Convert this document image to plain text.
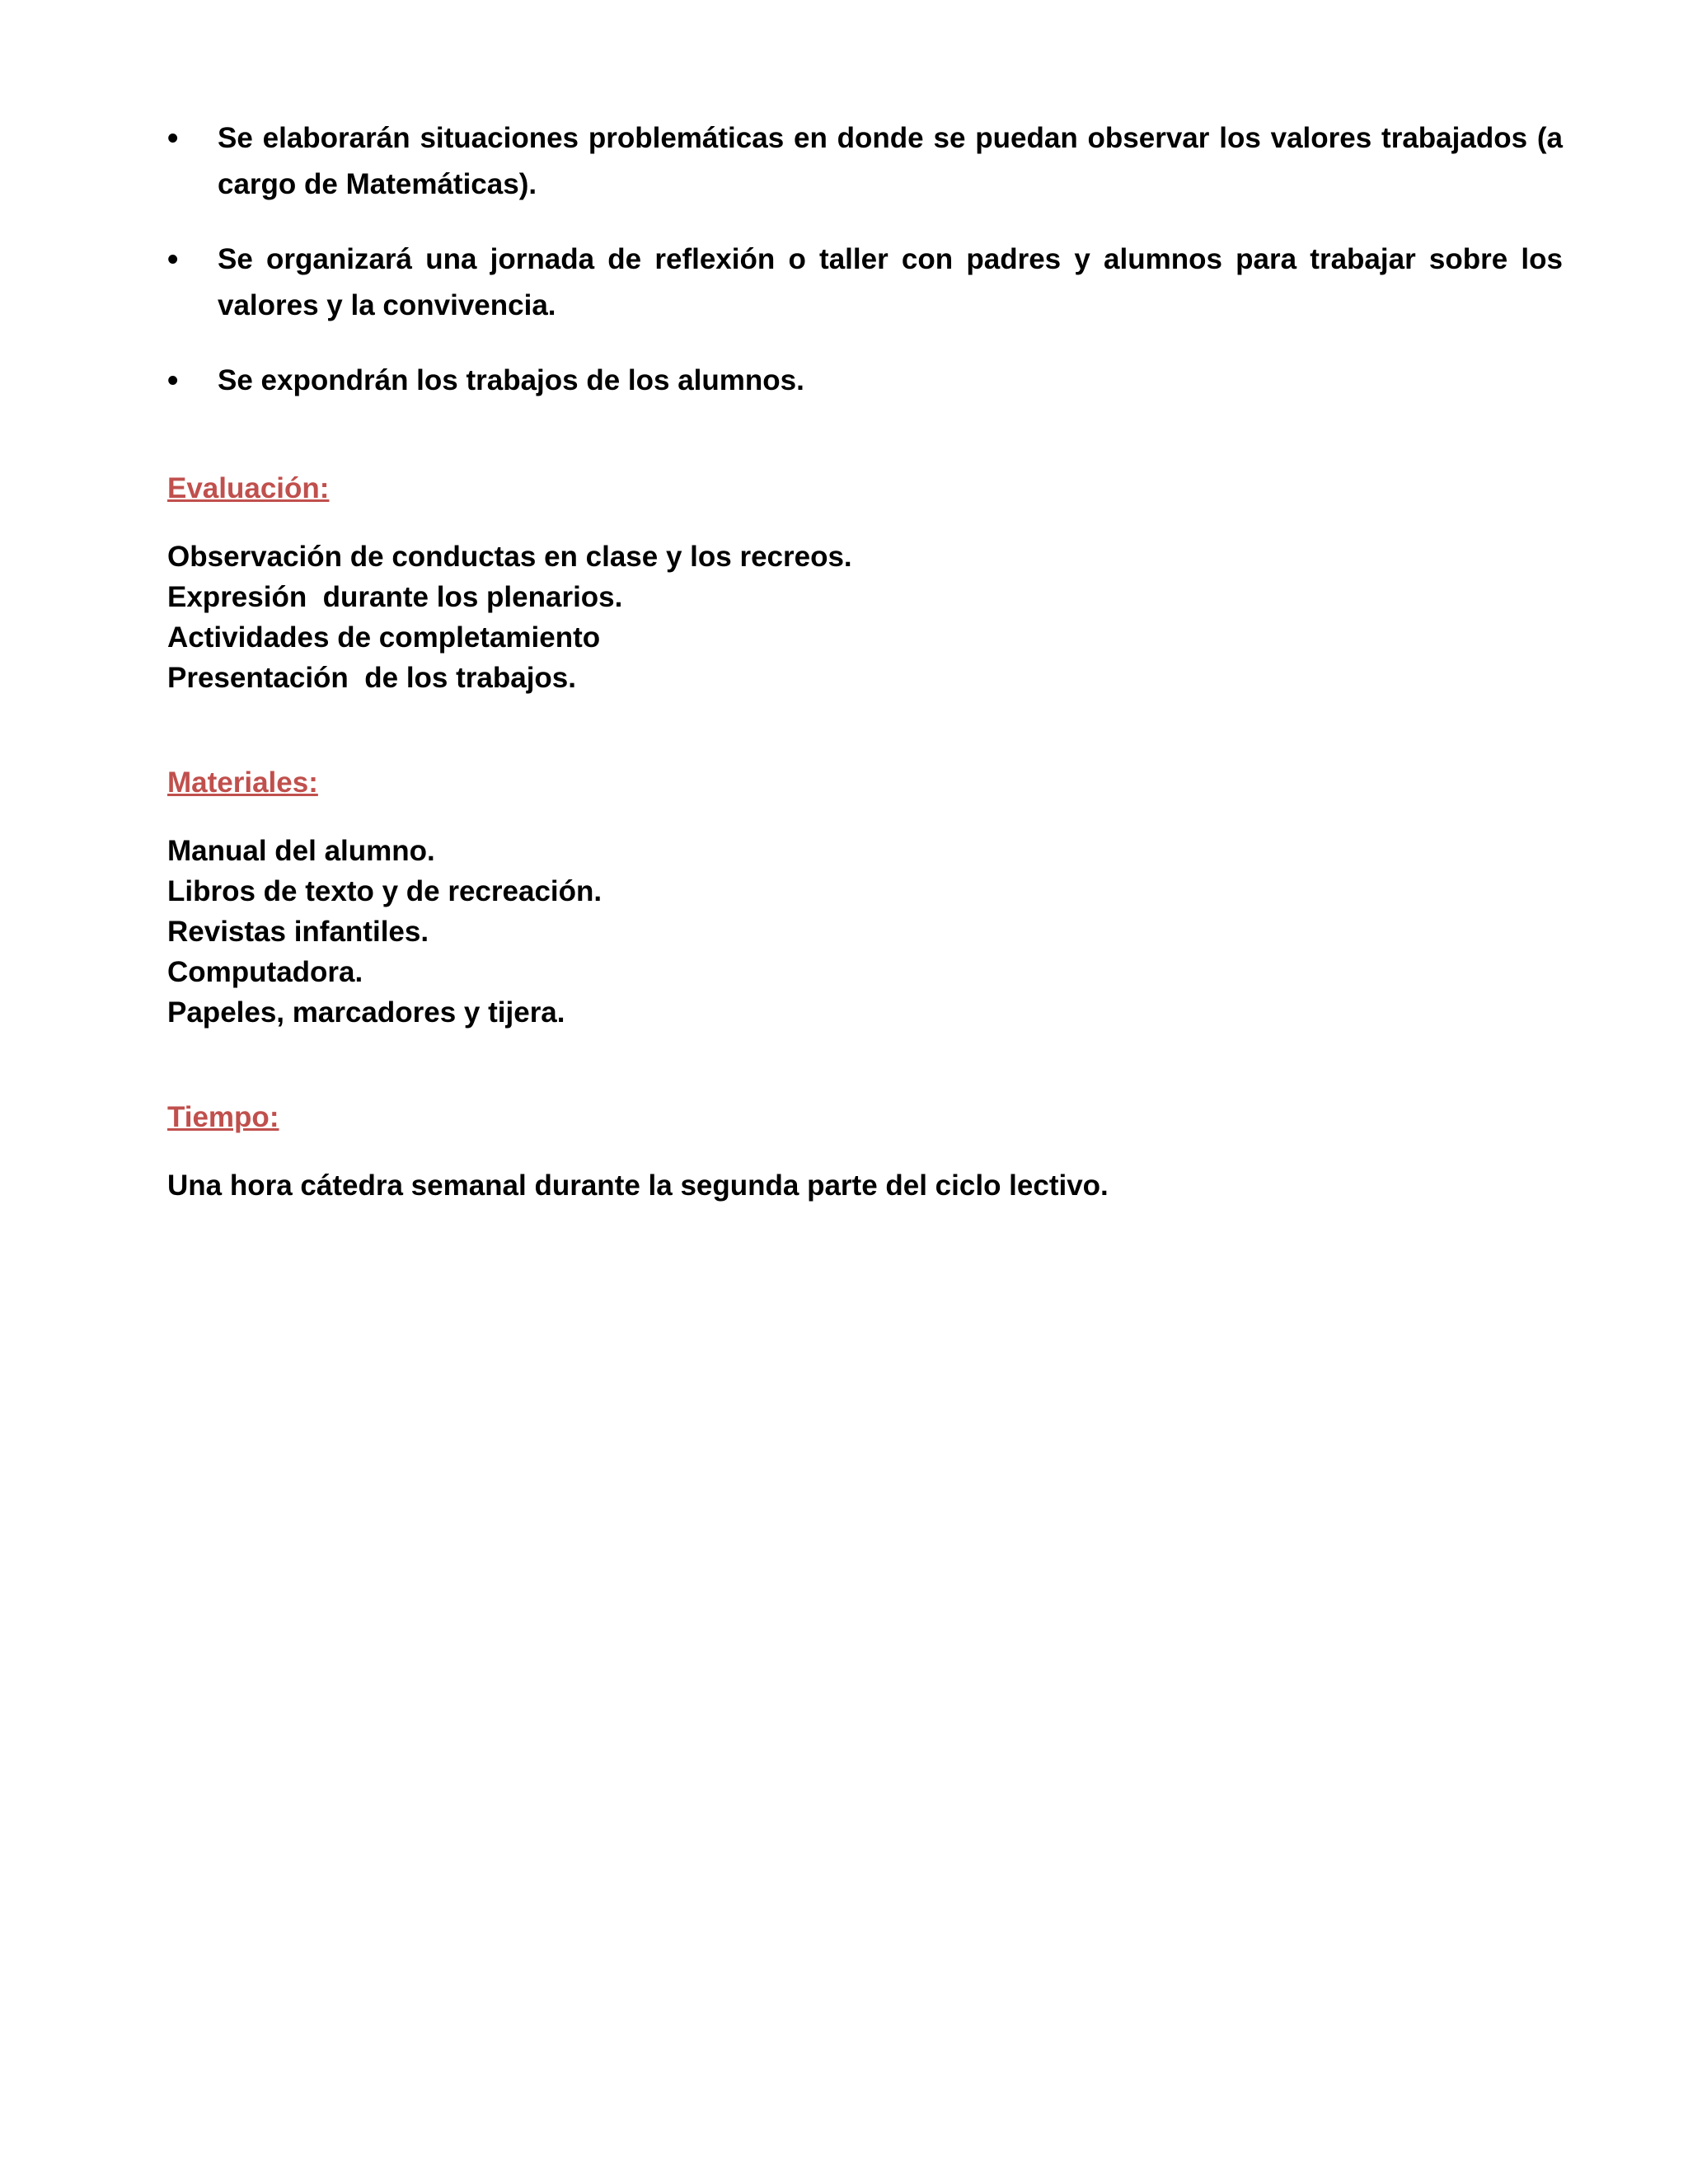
•	Se elaborarán situaciones problemáticas en donde se puedan observar los valores trabajados (a cargo de Matemáticas).
•	Se organizará una jornada de reflexión o taller con padres y alumnos para trabajar sobre los valores y la convivencia.
•	Se expondrán los trabajos de los alumnos.
Evaluación:
Observación de conductas en clase y los recreos.
Expresión  durante los plenarios.
Actividades de completamiento
Presentación  de los trabajos.
Materiales:
Manual del alumno.
Libros de texto y de recreación.
Revistas infantiles.
Computadora.
Papeles, marcadores y tijera.
Tiempo:
Una hora cátedra semanal durante la segunda parte del ciclo lectivo.
